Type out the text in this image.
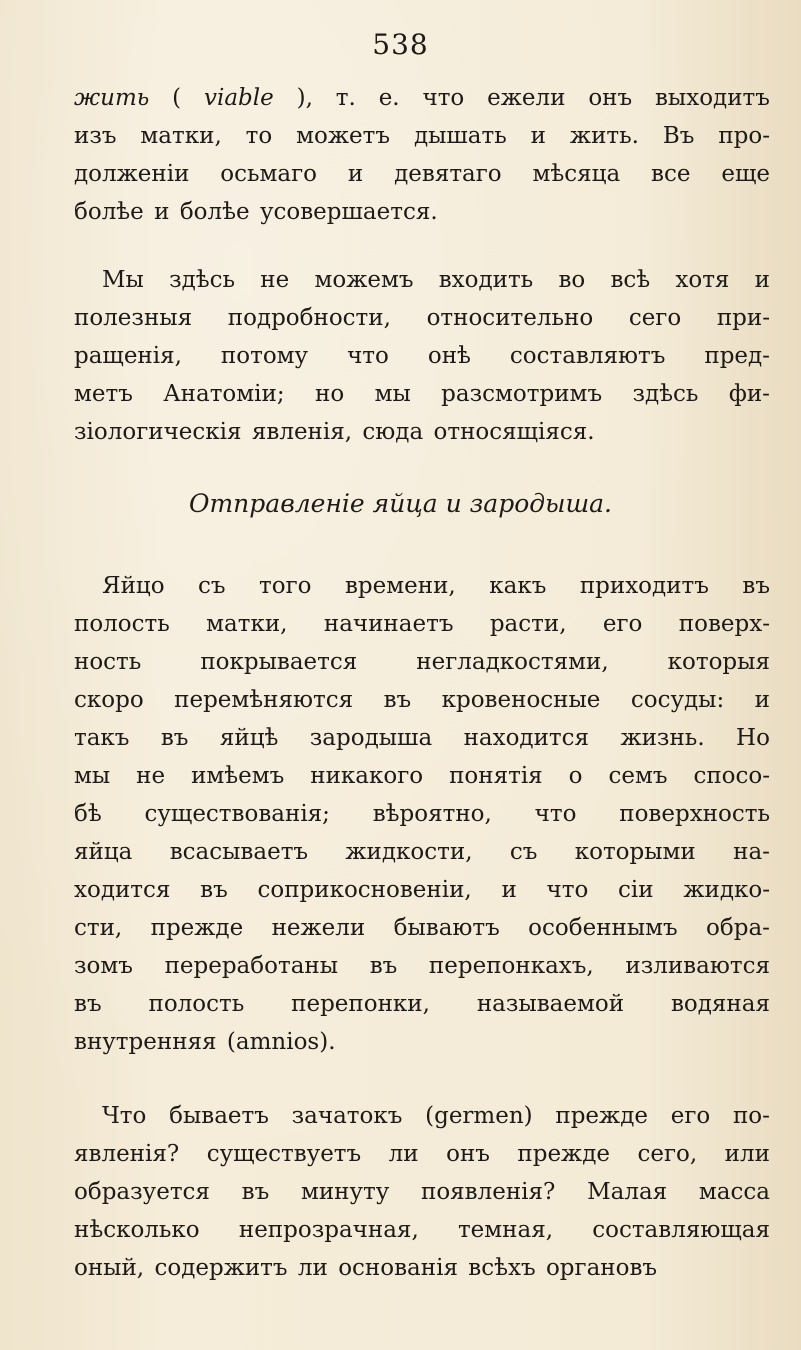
538
Отправленіе яйца и зародыша.
жить ( viable ), т. е. что ежели онъ выходитъ
изъ матки, то можетъ дышать и жить. Въ про-
долженіи осьмаго и девятаго мѣсяца все еще
болѣе и болѣе усовершается.
Мы здѣсь не можемъ входить во всѣ хотя и
полезныя подробности, относительно сего при-
ращенія, потому что онѣ составляютъ пред-
метъ Анатоміи; но мы разсмотримъ здѣсь фи-
зіологическія явленія, сюда относящіяся.
Яйцо съ того времени, какъ приходитъ въ
полость матки, начинаетъ расти, его поверх-
ность	покрывается	негладкостями,	которыя
скоро перемѣняются въ кровеносные сосуды: и
такъ въ яйцѣ зародыша находится жизнь. Но
мы не имѣемъ никакого понятія о семъ спосо-
бѣ существованія; вѣроятно, что поверхность
яйца всасываетъ жидкости, съ которыми на-
ходится въ соприкосновеніи, и что сіи жидко-
сти, прежде нежели бываютъ особеннымъ обра-
зомъ переработаны въ перепонкахъ, изливаются
въ полость перепонки, называемой водяная
внутренняя (amnios).
Что бываетъ зачатокъ (germen) прежде его по-
явленія? существуетъ ли онъ прежде сего, или
образуется въ минуту появленія? Малая масса
нѣсколько непрозрачная, темная, составляющая
оный, содержитъ ли основанія всѣхъ органовъ
